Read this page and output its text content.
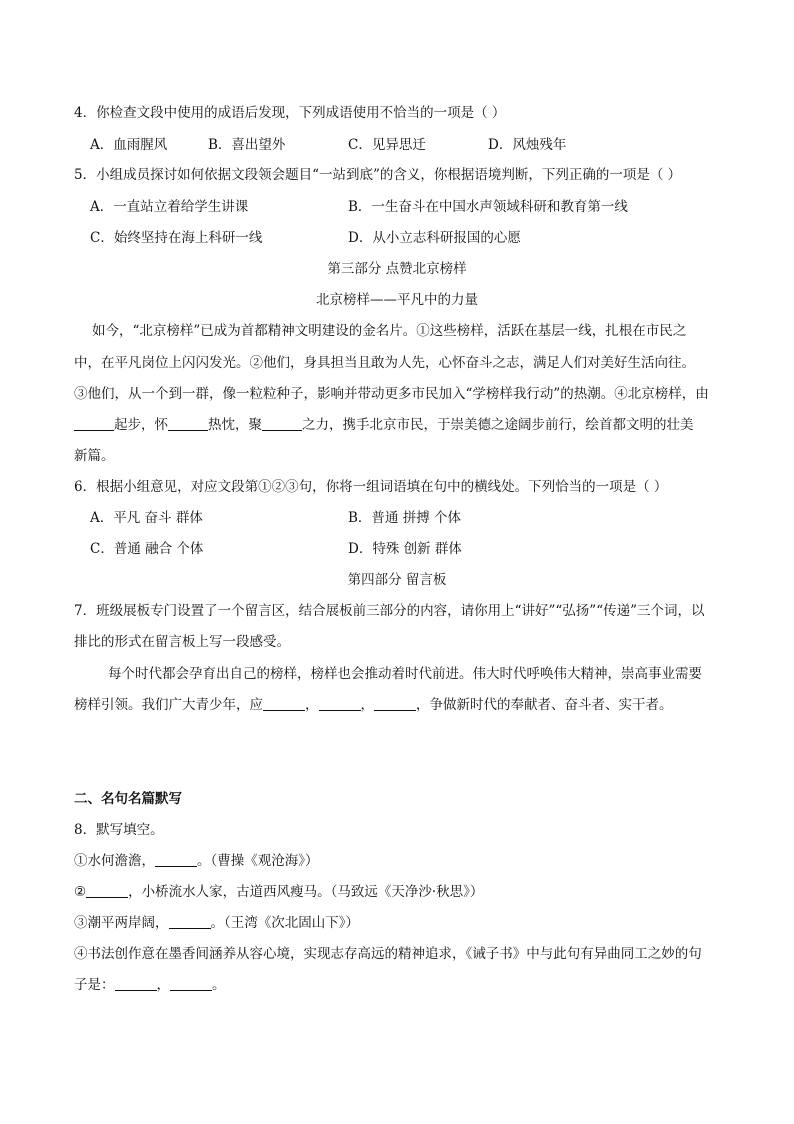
4．你检查文段中使用的成语后发现，下列成语使用不恰当的一项是（ ）
A．血雨腥风	B．喜出望外	C．见异思迁	D．风烛残年
5．小组成员探讨如何依据文段领会题目“一站到底”的含义，你根据语境判断，下列正确的一项是（ ）
A．一直站立着给学生讲课	B．一生奋斗在中国水声领域科研和教育第一线
C．始终坚持在海上科研一线	D．从小立志科研报国的心愿
第三部分 点赞北京榜样
北京榜样——平凡中的力量
如今，“北京榜样”已成为首都精神文明建设的金名片。①这些榜样，活跃在基层一线，扎根在市民之
中，在平凡岗位上闪闪发光。②他们，身具担当且敢为人先，心怀奋斗之志，满足人们对美好生活向往。
③他们，从一个到一群，像一粒粒种子，影响并带动更多市民加入“学榜样我行动”的热潮。④北京榜样，由
起步，怀	热忱，聚	之力，携手北京市民，于崇美德之途阔步前行，绘首都文明的壮美
新篇。
6．根据小组意见，对应文段第①②③句，你将一组词语填在句中的横线处。下列恰当的一项是（ ）
A．平凡 奋斗 群体	B．普通 拼搏 个体
C．普通 融合 个体	D．特殊 创新 群体
第四部分 留言板
7．班级展板专门设置了一个留言区，结合展板前三部分的内容，请你用上“讲好”“弘扬”“传递”三个词，以
排比的形式在留言板上写一段感受。
每个时代都会孕育出自己的榜样，榜样也会推动着时代前进。伟大时代呼唤伟大精神，崇高事业需要
榜样引领。我们广大青少年，应	，	，	，争做新时代的奉献者、奋斗者、实干者。
二、名句名篇默写
8．默写填空。
①水何澹澹，	。（曹操《观沧海》）
②	，小桥流水人家，古道西风瘦马。（马致远《天净沙·秋思》）
③潮平两岸阔，	。（王湾《次北固山下》）
④书法创作意在墨香间涵养从容心境，实现志存高远的精神追求，《诫子书》中与此句有异曲同工之妙的句
子是：	，	。
